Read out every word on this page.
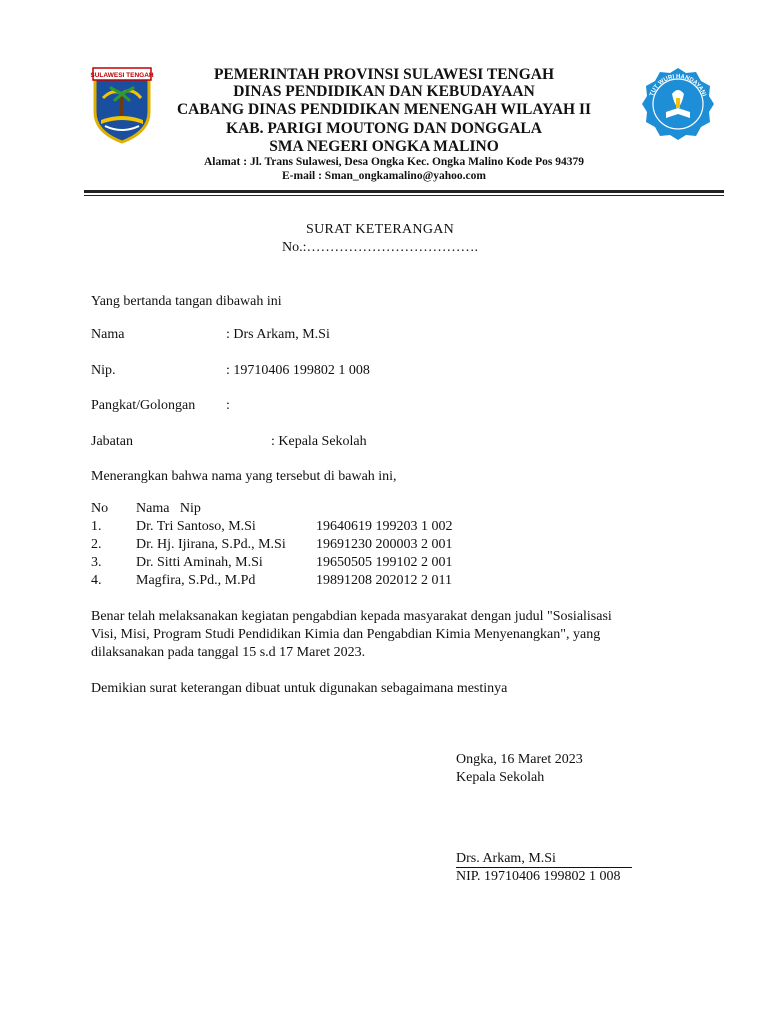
SULAWESI TENGAH
TUT WURI HANDAYANI
PEMERINTAH PROVINSI SULAWESI TENGAH
DINAS PENDIDIKAN DAN KEBUDAYAAN
CABANG DINAS PENDIDIKAN MENENGAH WILAYAH II
KAB. PARIGI MOUTONG DAN DONGGALA
SMA NEGERI ONGKA MALINO
Alamat : Jl. Trans Sulawesi, Desa Ongka Kec. Ongka Malino Kode Pos 94379
E-mail : Sman_ongkamalino@yahoo.com
SURAT KETERANGAN
No.:……………………………….
Yang bertanda tangan dibawah ini
Nama	: Drs Arkam, M.Si
Nip.	: 19710406 199802 1 008
Pangkat/Golongan :
Jabatan	: Kepala Sekolah
Menerangkan bahwa nama yang tersebut di bawah ini,
No Nama   Nip
1. Dr. Tri Santoso, M.Si	19640619 199203 1 002
2. Dr. Hj. Ijirana, S.Pd., M.Si 19691230 200003 2 001
3. Dr. Sitti Aminah, M.Si	19650505 199102 2 001
4. Magfira, S.Pd., M.Pd	19891208 202012 2 011
Benar telah melaksanakan kegiatan pengabdian kepada masyarakat dengan judul "Sosialisasi
Visi, Misi, Program Studi Pendidikan Kimia dan Pengabdian Kimia Menyenangkan", yang
dilaksanakan pada tanggal 15 s.d 17 Maret 2023.
Demikian surat keterangan dibuat untuk digunakan sebagaimana mestinya
Ongka, 16 Maret 2023
Kepala Sekolah
Drs. Arkam, M.Si
NIP. 19710406 199802 1 008
